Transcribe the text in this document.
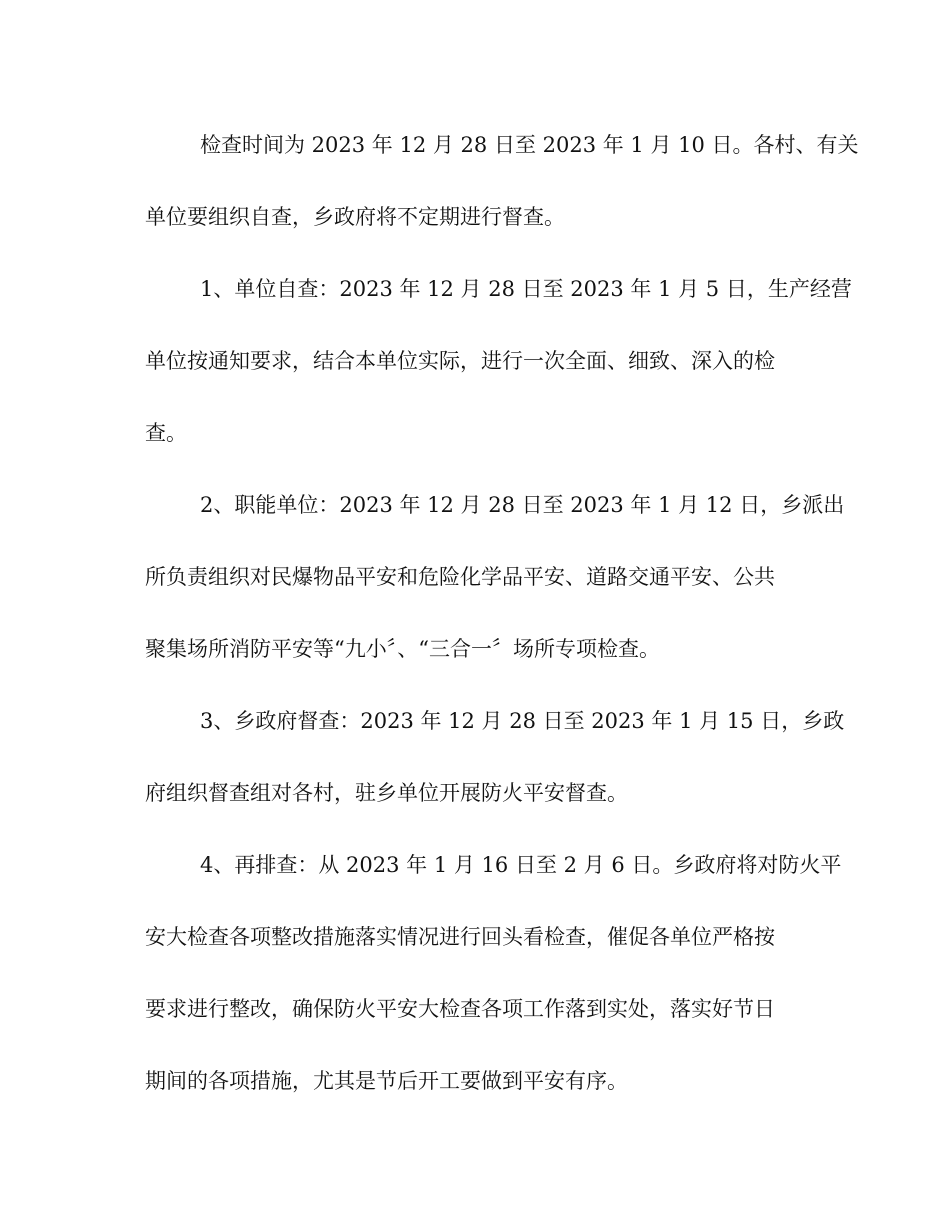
检查时间为 2023 年 12 月 28 日至 2023 年 1 月 10 日。各村、有关
单位要组织自查，乡政府将不定期进行督查。
1、单位自查：2023 年 12 月 28 日至 2023 年 1 月 5 日，生产经营
单位按通知要求，结合本单位实际，进行一次全面、细致、深入的检
查。
2、职能单位：2023 年 12 月 28 日至 2023 年 1 月 12 日，乡派出
所负责组织对民爆物品平安和危险化学品平安、道路交通平安、公共
聚集场所消防平安等“九小〞、“三合一〞场所专项检查。
3、乡政府督查：2023 年 12 月 28 日至 2023 年 1 月 15 日，乡政
府组织督查组对各村，驻乡单位开展防火平安督查。
4、再排查：从 2023 年 1 月 16 日至 2 月 6 日。乡政府将对防火平
安大检查各项整改措施落实情况进行回头看检查，催促各单位严格按
要求进行整改，确保防火平安大检查各项工作落到实处，落实好节日
期间的各项措施，尤其是节后开工要做到平安有序。
